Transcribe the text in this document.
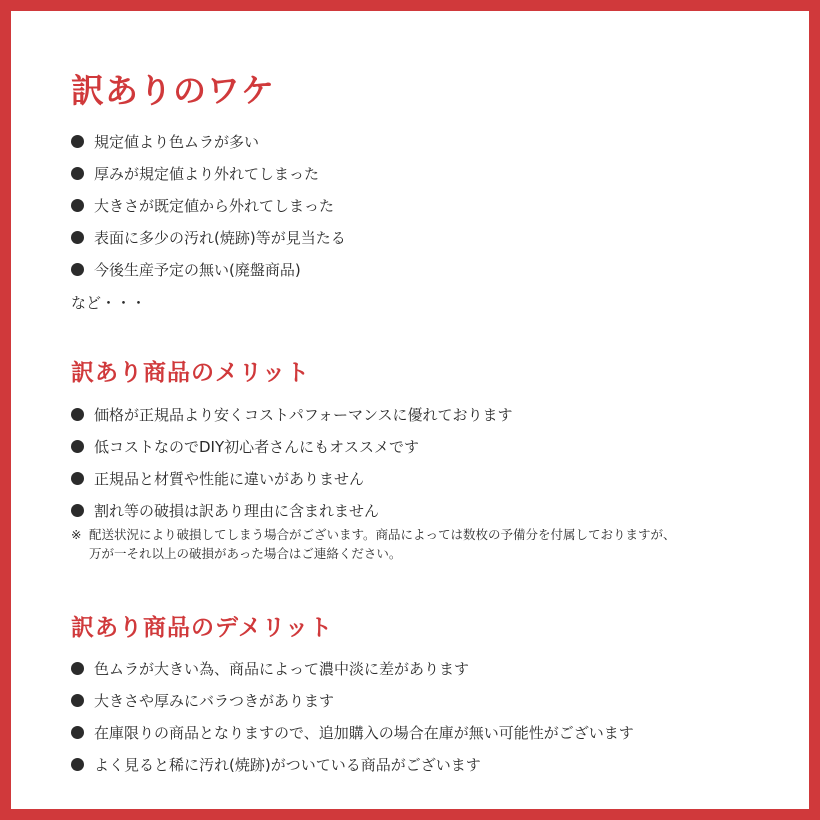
訳ありのワケ
規定値より色ムラが多い
厚みが規定値より外れてしまった
大きさが既定値から外れてしまった
表面に多少の汚れ(焼跡)等が見当たる
今後生産予定の無い(廃盤商品)
など・・・
訳あり商品のメリット
価格が正規品より安くコストパフォーマンスに優れております
低コストなのでDIY初心者さんにもオススメです
正規品と材質や性能に違いがありません
割れ等の破損は訳あり理由に含まれません
※ 配送状況により破損してしまう場合がございます。商品によっては数枚の予備分を付属しておりますが、
万が一それ以上の破損があった場合はご連絡ください。
訳あり商品のデメリット
色ムラが大きい為、商品によって濃中淡に差があります
大きさや厚みにバラつきがあります
在庫限りの商品となりますので、追加購入の場合在庫が無い可能性がございます
よく見ると稀に汚れ(焼跡)がついている商品がございます
